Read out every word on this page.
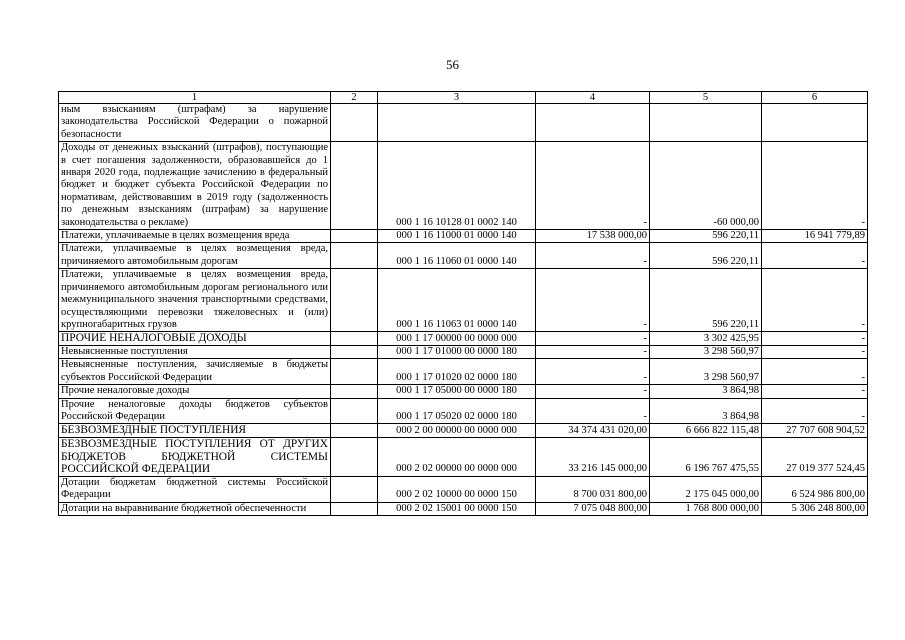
56
1	2	3	4	5	6
ным взысканиям (штрафам) за нарушение законодательства Российской Федерации о пожарной безопасности					
Доходы от денежных взысканий (штрафов), поступающие в счет погашения задолженности, образовавшейся до 1 января 2020 года, подлежащие зачислению в федеральный бюджет и бюджет субъекта Российской Федерации по нормативам, действовавшим в 2019 году (задолженность по денежным взысканиям (штрафам) за нарушение законодательства о рекламе)		000 1 16 10128 01 0002 140	-	-60 000,00	-
Платежи, уплачиваемые в целях возмещения вреда		000 1 16 11000 01 0000 140	17 538 000,00	596 220,11	16 941 779,89
Платежи, уплачиваемые в целях возмещения вреда, причиняемого автомобильным дорогам		000 1 16 11060 01 0000 140	-	596 220,11	-
Платежи, уплачиваемые в целях возмещения вреда, причиняемого автомобильным дорогам регионального или межмуниципального значения транспортными средствами, осуществляющими перевозки тяжеловесных и (или) крупногабаритных грузов		000 1 16 11063 01 0000 140	-	596 220,11	-
ПРОЧИЕ НЕНАЛОГОВЫЕ ДОХОДЫ		000 1 17 00000 00 0000 000	-	3 302 425,95	-
Невыясненные поступления		000 1 17 01000 00 0000 180	-	3 298 560,97	-
Невыясненные поступления, зачисляемые в бюджеты субъектов Российской Федерации		000 1 17 01020 02 0000 180	-	3 298 560,97	-
Прочие неналоговые доходы		000 1 17 05000 00 0000 180	-	3 864,98	-
Прочие неналоговые доходы бюджетов субъектов Российской Федерации		000 1 17 05020 02 0000 180	-	3 864,98	-
БЕЗВОЗМЕЗДНЫЕ ПОСТУПЛЕНИЯ		000 2 00 00000 00 0000 000	34 374 431 020,00	6 666 822 115,48	27 707 608 904,52
БЕЗВОЗМЕЗДНЫЕ ПОСТУПЛЕНИЯ ОТ ДРУГИХ БЮДЖЕТОВ БЮДЖЕТНОЙ СИСТЕМЫ РОССИЙСКОЙ ФЕДЕРАЦИИ		000 2 02 00000 00 0000 000	33 216 145 000,00	6 196 767 475,55	27 019 377 524,45
Дотации бюджетам бюджетной системы Российской Федерации		000 2 02 10000 00 0000 150	8 700 031 800,00	2 175 045 000,00	6 524 986 800,00
Дотации на выравнивание бюджетной обеспеченности		000 2 02 15001 00 0000 150	7 075 048 800,00	1 768 800 000,00	5 306 248 800,00
